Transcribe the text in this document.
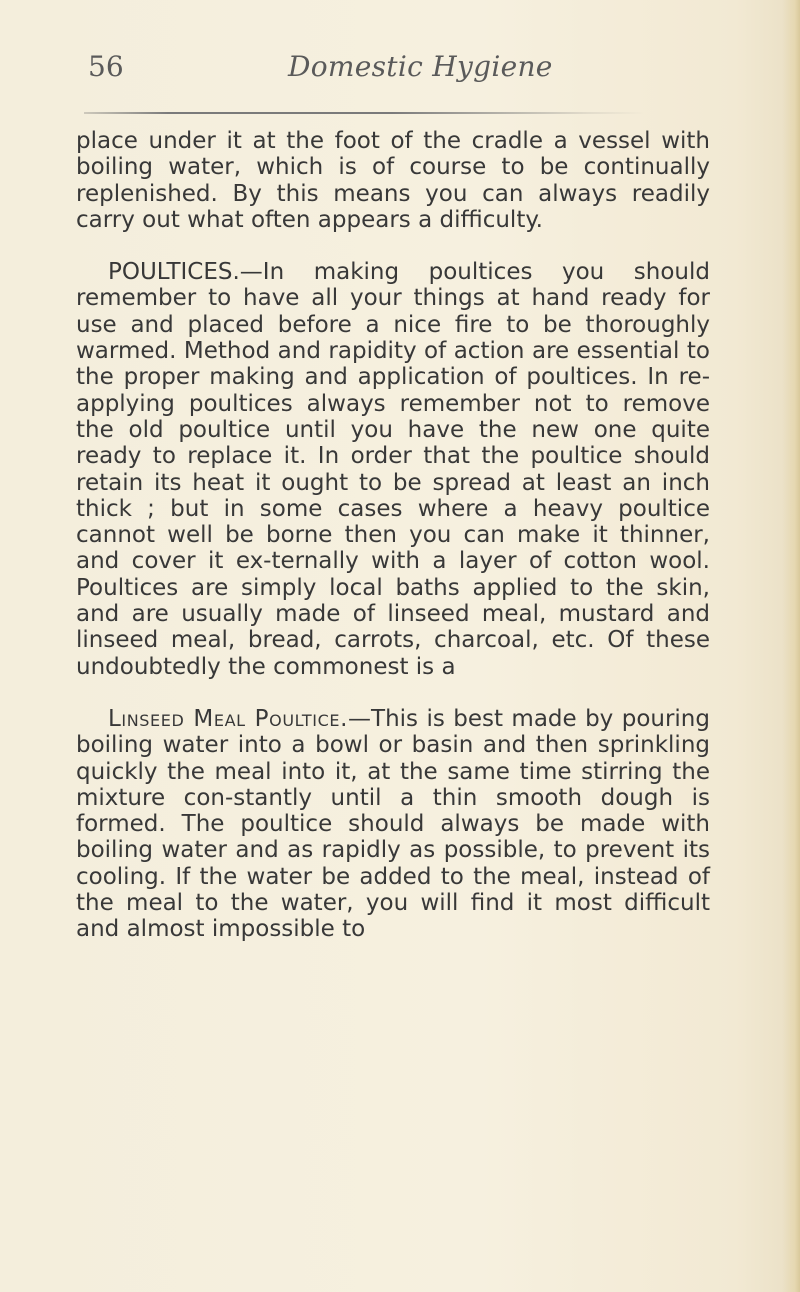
56	Domestic Hygiene

place under it at the foot of the cradle a vessel with boiling water, which is of course to be continually replenished. By this means you can always readily carry out what often appears a difficulty.

POULTICES.—In making poultices you should remember to have all your things at hand ready for use and placed before a nice fire to be thoroughly warmed. Method and rapidity of action are essential to the proper making and application of poultices. In re-applying poultices always remember not to remove the old poultice until you have the new one quite ready to replace it. In order that the poultice should retain its heat it ought to be spread at least an inch thick ; but in some cases where a heavy poultice cannot well be borne then you can make it thinner, and cover it ex-ternally with a layer of cotton wool. Poultices are simply local baths applied to the skin, and are usually made of linseed meal, mustard and linseed meal, bread, carrots, charcoal, etc. Of these undoubtedly the commonest is a

Linseed Meal Poultice.—This is best made by pouring boiling water into a bowl or basin and then sprinkling quickly the meal into it, at the same time stirring the mixture con-stantly until a thin smooth dough is formed. The poultice should always be made with boiling water and as rapidly as possible, to prevent its cooling. If the water be added to the meal, instead of the meal to the water, you will find it most difficult and almost impossible to
